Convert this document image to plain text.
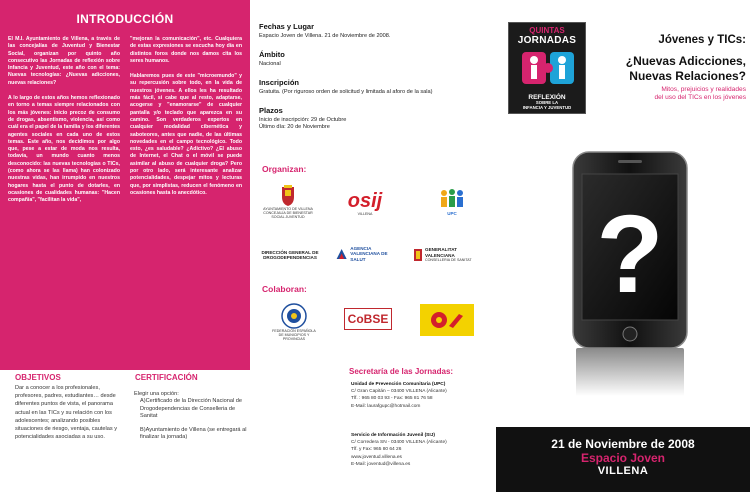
INTRODUCCIÓN

El M.I. Ayuntamiento de Villena, a través de las concejalías de Juventud y Bienestar Social, organizan por quinto año consecutivo las Jornadas de reflexión sobre Infancia y Juventud, este año con el tema: Nuevas tecnologías: ¿Nuevas adicciones, nuevas relaciones?

A lo largo de estos años hemos reflexionado en torno a temas siempre relacionados con los más jóvenes: inicio precoz de consumo de drogas, absentismo, violencia, así como cuál era el papel de la familia y los diferentes agentes sociales en cada uno de estos temas. Este año, nos decidimos por algo que, pese a estar de moda nos resulta, todavía, un mundo cuanto menos desconocido: las nuevas tecnologías o TICs, (como ahora se las llama) han colonizado nuestras vidas, han irrumpido en nuestros hogares hasta el punto de dotarles, en ocasiones de cualidades humanas: "Hacen compañía", "facilitan la vida",

"mejoran la comunicación", etc. Cualquiera de estas expresiones se escucha hoy día en distintos foros donde nos damos cita los seres humanos.

Hablaremos pues de este "microemundo" y su repercusión sobre todo, en la vida de nuestros jóvenes. A ellos les ha resultado más fácil, si cabe que al resto, adaptarse, acogerse y "enamorarse" de cualquier pantalla y/o teclado que aparezca en su camino. Son verdaderos expertos en cualquier modalidad cibernética y saboteores, antes que nadie, de las últimas novedades en el campo tecnológico. Todo esto, ¿es saludable? ¿Adictivo? ¿El abuso de Internet, el Chat o el móvil se puede asimilar al abuso de cualquier droga? Pero por otro lado, será interesante analizar potencialidades, despejar mitos y lecturas que, por simplistas, reducen el fenómeno en ocasiones hasta lo anecdótico.

Fechas y Lugar
Espacio Joven de Villena. 21 de Noviembre de 2008.
Ámbito
Nacional
Inscripción
Gratuita. (Por riguroso orden de solicitud y limitada al aforo de la sala)
Plazos
Inicio de inscripción: 29 de Octubre
Último día: 20 de Noviembre
Organizan:
AYUNTAMIENTO DE VILLENA CONCEJALÍA DE BIENESTAR SOCIAL JUVENTUD
osij
VILLENA	UPC
DIRECCIÓN GENERAL DE DROGODEPENDENCIAS
AGENCIA VALENCIANA DE SALUT
GENERALITAT VALENCIANA
CONSELLERIA DE SANITAT
Colaboran:
FEDERACIÓN ESPAÑOLA DE MUNICIPIOS Y PROVINCIAS
CoBSE
QUINTAS
JORNADAS
REFLEXIÓN
SOBRE LA
INFANCIA Y JUVENTUD
Jóvenes y TICs:
¿Nuevas Adicciones,
Nuevas Relaciones?
Mitos, prejuicios y realidades
del uso del TICs en los jóvenes
?
OBJETIVOS
Dar a conocer a los profesionales, profesores, padres, estudiantes… desde diferentes puntos de vista, el panorama actual en las TICs y su relación con los adolescentes; analizando posibles situaciones de riesgo, ventaja, cautelas y potencialidades asociadas a su uso.
CERTIFICACIÓN

Elegir una opción:

A)Certificado de la Dirección Nacional de Drogodependencias de Conselleria de Sanitat

B)Ayuntamiento de Villena (se entregará al finalizar la jornada)

Secretaría de las Jornadas:
Unidad de Prevención Comunitaria (UPC)
C/ Gran Capitán – 03400 VILLENA (Alicante)
Tlf. : 965 80 03 93 - Fax: 965 81 76 58
E-Mail: laurafgupc@hotmail.com
Servicio de Información Juvenil (SIJ)
C/ Corredera SN - 03400 VILLENA (Alicante)
Tlf. y Fax: 965 80 64 26
www.joventud.villena.es
E-Mail: joventud@villena.es
21 de Noviembre de 2008
Espacio Joven
VILLENA
